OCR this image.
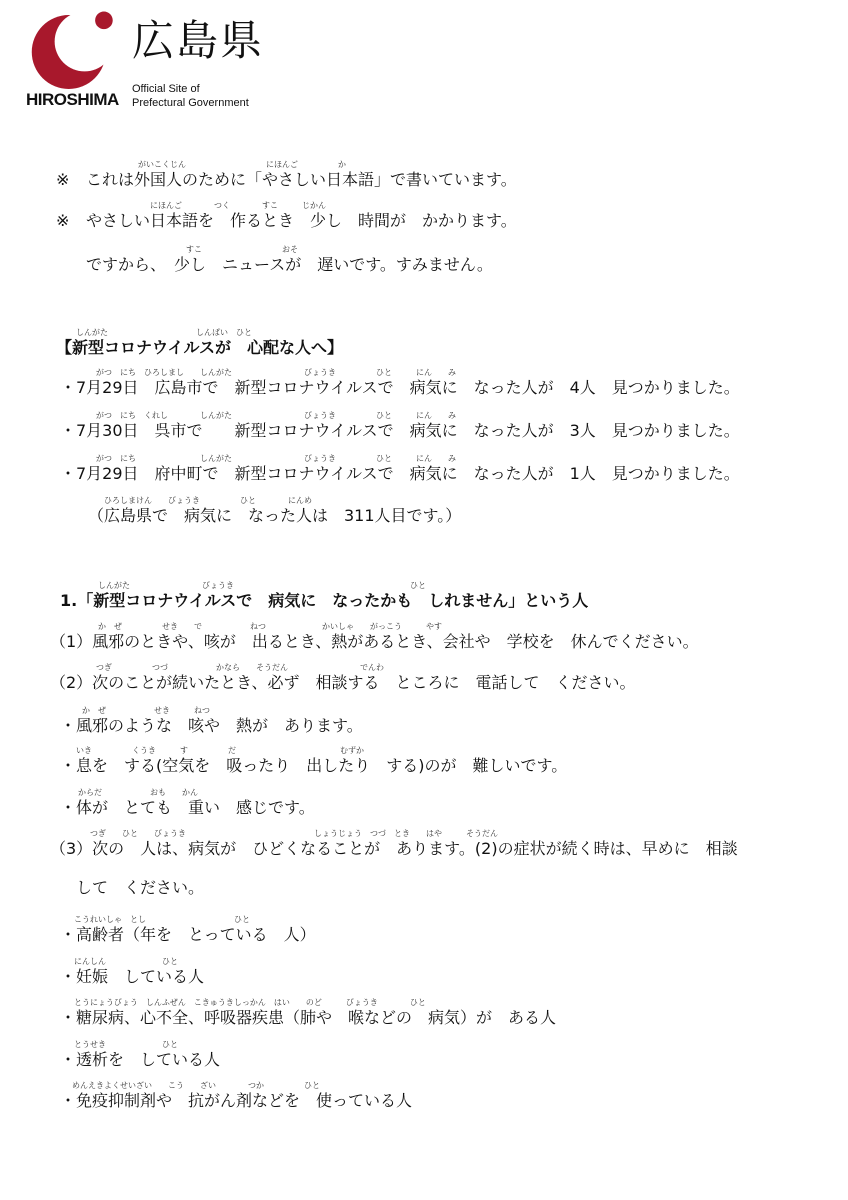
広島県
HIROSHIMA
Official Site of
Prefectural Government
がいこくじん　　　　　　　　　　にほんご　　　　　か
※ これは外国人のために「やさしい日本語」で書いています。
にほんご　　　　つく　　　　すこ　　　じかん
※ やさしい日本語を　作るとき　少し　時間が　かかります。
すこ　　　　　　　　　　おそ
ですから、　少し　ニュースが　遅いです。すみません。
しんがた　　　　　　　　　　　しんぱい　ひと
【新型コロナウイルスが　心配な人へ】
がつ　にち　ひろしまし　　しんがた　　　　　　　　　びょうき　　　　　ひと　　　にん　　み
・7月29日　広島市で　新型コロナウイルスで　病気に　なった人が　4人　見つかりました。
がつ　にち　くれし　　　　しんがた　　　　　　　　　びょうき　　　　　ひと　　　にん　　み
・7月30日　呉市で　　新型コロナウイルスで　病気に　なった人が　3人　見つかりました。
がつ　にち　　　　　　　　しんがた　　　　　　　　　びょうき　　　　　ひと　　　にん　　み
・7月29日　府中町で　新型コロナウイルスで　病気に　なった人が　1人　見つかりました。
ひろしまけん　　びょうき　　　　　ひと　　　　にんめ
（広島県で　病気に　なった人は　311人目です。）
しんがた　　　　　　　　　びょうき　　　　　　　　　　　　　　　　　　　　　　ひと
1.「新型コロナウイルスで　病気に　なったかも　しれません」という人
か　ぜ　　　　　せき　　で　　　　　　ねつ　　　　　　　かいしゃ　　がっこう　　　やす
（1）風邪のときや、咳が　出るとき、熱があるとき、会社や　学校を　休んでください。
つぎ　　　　　つづ　　　　　　かなら　　そうだん　　　　　　　　　でんわ
（2）次のことが続いたとき、必ず　相談する　ところに　電話して　ください。
か　ぜ　　　　　　せき　　　ねつ
・風邪のような　咳や　熱が　あります。
いき　　　　　くうき　　　す　　　　　だ　　　　　　　　　　　　　むずか
・息を　する(空気を　吸ったり　出したり　する)のが　難しいです。
からだ　　　　　　おも　　かん
・体が　とても　重い　感じです。
つぎ　　ひと　　びょうき　　　　　　　　　　　　　　　　しょうじょう　つづ　とき　　はや　　　そうだん
（3）次の　人は、病気が　ひどくなることが　あります。(2)の症状が続く時は、早めに　相談
して　ください。
こうれいしゃ　とし　　　　　　　　　　　ひと
・高齢者（年を　とっている　人）
にんしん　　　　　　　ひと
・妊娠　している人
とうにょうびょう　しんふぜん　こきゅうきしっかん　はい　　のど　　　びょうき　　　　ひと
・糖尿病、心不全、呼吸器疾患（肺や　喉などの　病気）が　ある人
とうせき　　　　　　　ひと
・透析を　している人
めんえきよくせいざい　　こう　　ざい　　　　つか　　　　　ひと
・免疫抑制剤や　抗がん剤などを　使っている人
